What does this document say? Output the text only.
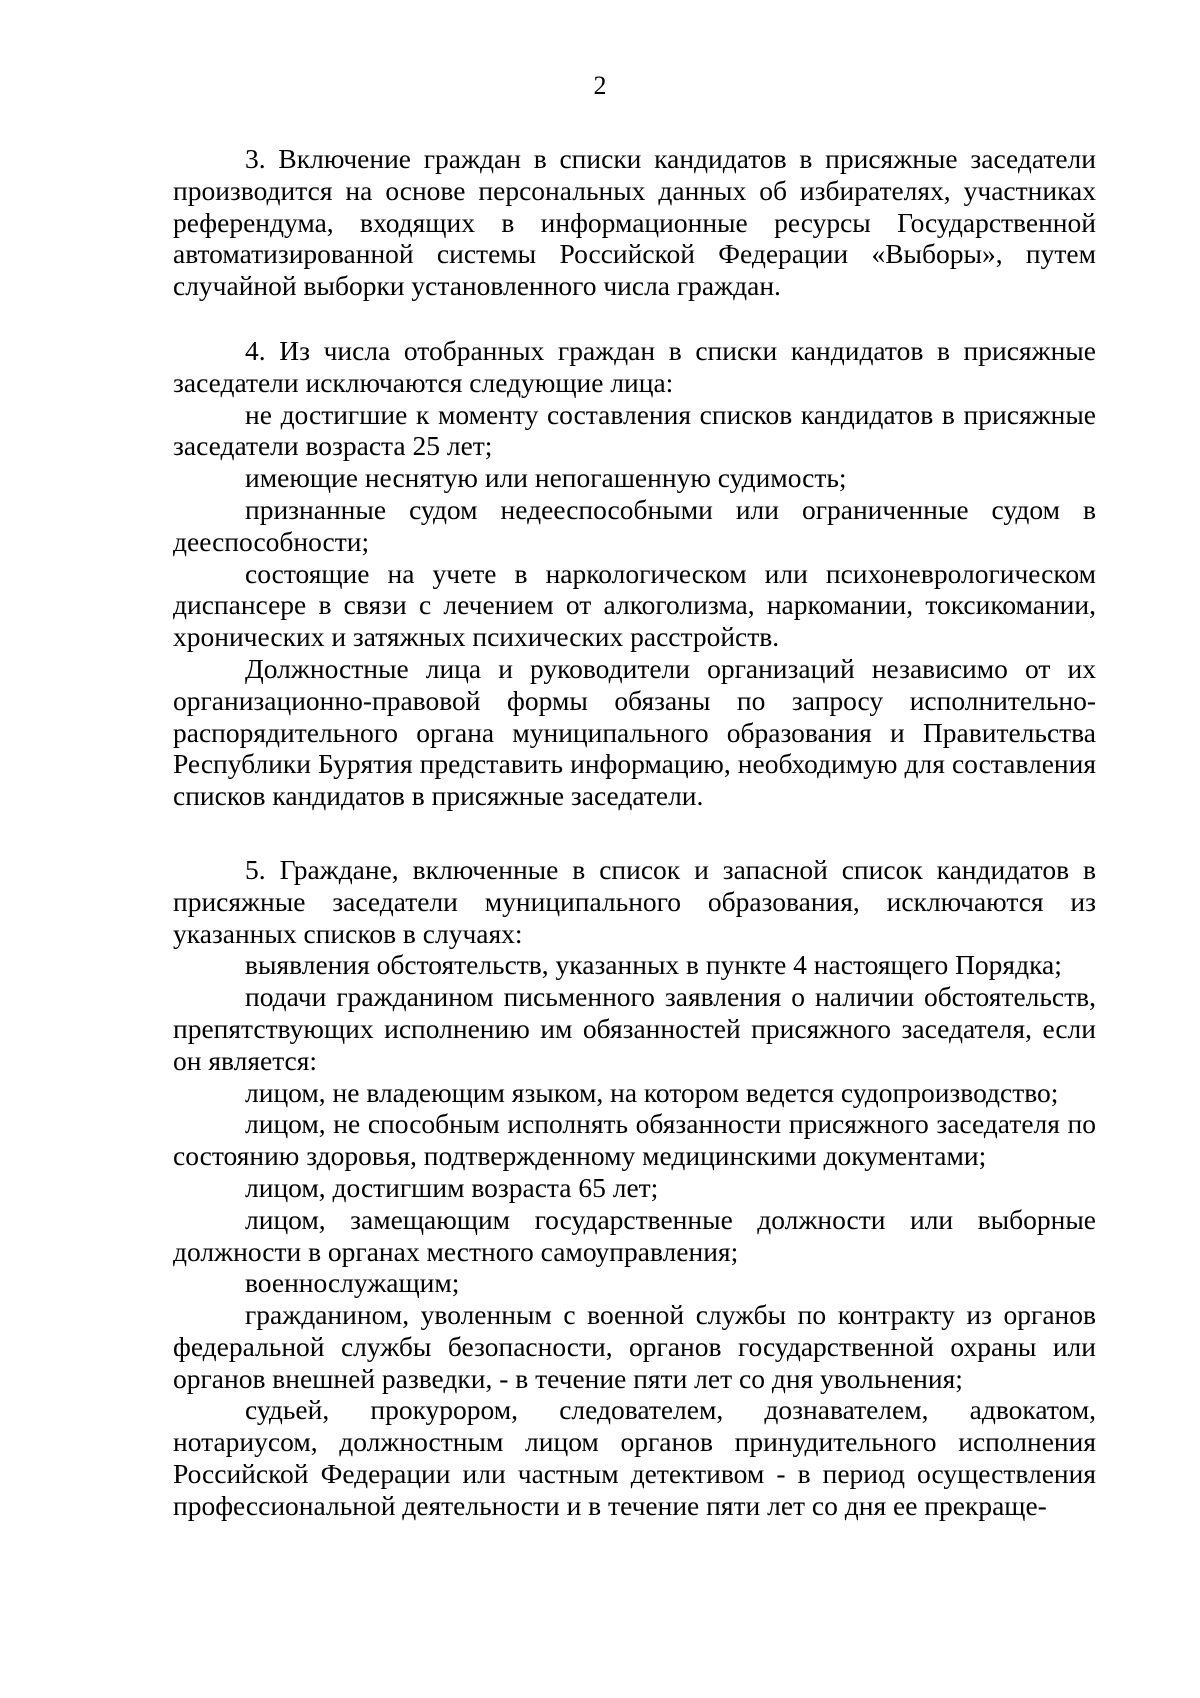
2

3. Включение граждан в списки кандидатов в присяжные заседатели производится на основе персональных данных об избирателях, участниках референдума, входящих в информационные ресурсы Государственной автоматизированной системы Российской Федерации «Выборы», путем случайной выборки установленного числа граждан.

4. Из числа отобранных граждан в списки кандидатов в присяжные заседатели исключаются следующие лица:

не достигшие к моменту составления списков кандидатов в присяжные заседатели возраста 25 лет;

имеющие неснятую или непогашенную судимость;

признанные судом недееспособными или ограниченные судом в дееспособности;

состоящие на учете в наркологическом или психоневрологическом диспансере в связи с лечением от алкоголизма, наркомании, токсикомании, хронических и затяжных психических расстройств.

Должностные лица и руководители организаций независимо от их организационно-правовой формы обязаны по запросу исполнительно-распорядительного органа муниципального образования и Правительства Республики Бурятия представить информацию, необходимую для составления списков кандидатов в присяжные заседатели.

5. Граждане, включенные в список и запасной список кандидатов в присяжные заседатели муниципального образования, исключаются из указанных списков в случаях:

выявления обстоятельств, указанных в пункте 4 настоящего Порядка;

подачи гражданином письменного заявления о наличии обстоятельств, препятствующих исполнению им обязанностей присяжного заседателя, если он является:

лицом, не владеющим языком, на котором ведется судопроизводство;

лицом, не способным исполнять обязанности присяжного заседателя по состоянию здоровья, подтвержденному медицинскими документами;

лицом, достигшим возраста 65 лет;

лицом, замещающим государственные должности или выборные должности в органах местного самоуправления;

военнослужащим;

гражданином, уволенным с военной службы по контракту из органов федеральной службы безопасности, органов государственной охраны или органов внешней разведки, - в течение пяти лет со дня увольнения;

судьей, прокурором, следователем, дознавателем, адвокатом, нотариусом, должностным лицом органов принудительного исполнения Российской Федерации или частным детективом - в период осуществления профессиональной деятельности и в течение пяти лет со дня ее прекраще-
